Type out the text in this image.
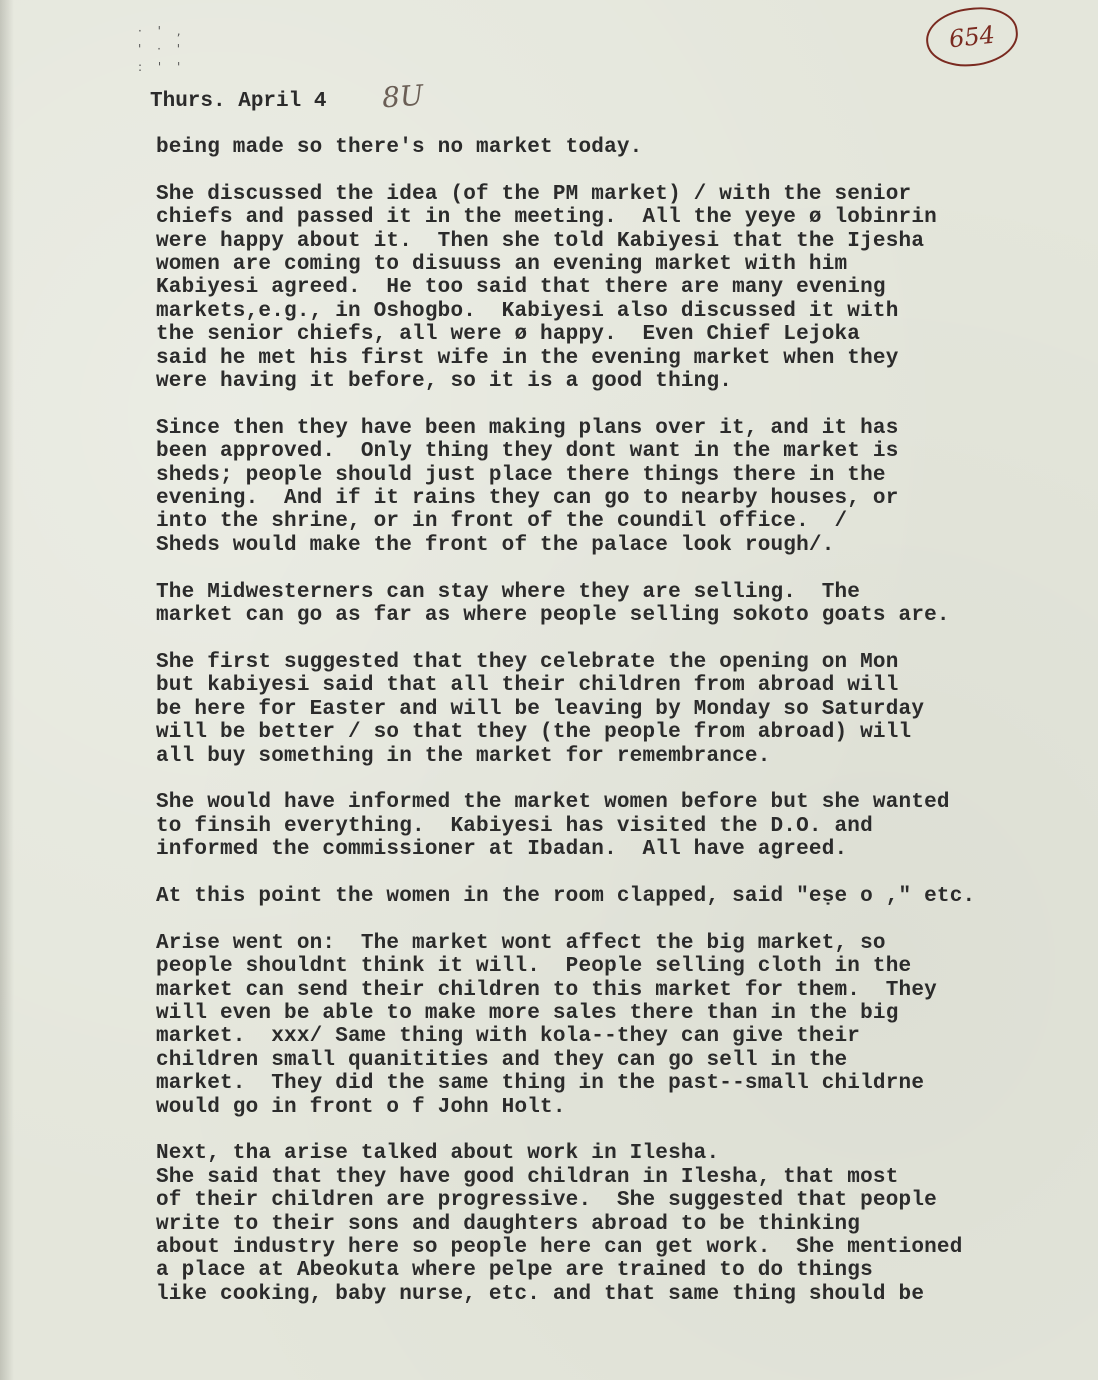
654
· ' ,
' · '
: ' '
Thurs. April 4 8U
being made so there's no market today.
She discussed the idea (of the PM market) / with the senior
chiefs and passed it in the meeting.  All the yeye ø lobinrin
were happy about it.  Then she told Kabiyesi that the Ijesha
women are coming to disuuss an evening market with him
Kabiyesi agreed.  He too said that there are many evening
markets,e.g., in Oshogbo.  Kabiyesi also discussed it with
the senior chiefs, all were ø happy.  Even Chief Lejoka
said he met his first wife in the evening market when they
were having it before, so it is a good thing.
Since then they have been making plans over it, and it has
been approved.  Only thing they dont want in the market is
sheds; people should just place there things there in the
evening.  And if it rains they can go to nearby houses, or
into the shrine, or in front of the coundil office.  /
Sheds would make the front of the palace look rough/.
The Midwesterners can stay where they are selling.  The
market can go as far as where people selling sokoto goats are.
She first suggested that they celebrate the opening on Mon
but kabiyesi said that all their children from abroad will
be here for Easter and will be leaving by Monday so Saturday
will be better / so that they (the people from abroad) will
all buy something in the market for remembrance.
She would have informed the market women before but she wanted
to finsih everything.  Kabiyesi has visited the D.O. and
informed the commissioner at Ibadan.  All have agreed.
At this point the women in the room clapped, said "eṣe o ," etc.
Arise went on:  The market wont affect the big market, so
people shouldnt think it will.  People selling cloth in the
market can send their children to this market for them.  They
will even be able to make more sales there than in the big
market.  xxx/ Same thing with kola--they can give their
children small quanitities and they can go sell in the
market.  They did the same thing in the past--small childrne
would go in front o f John Holt.
Next, tha arise talked about work in Ilesha.
She said that they have good childran in Ilesha, that most
of their children are progressive.  She suggested that people
write to their sons and daughters abroad to be thinking
about industry here so people here can get work.  She mentioned
a place at Abeokuta where pelpe are trained to do things
like cooking, baby nurse, etc. and that same thing should be
